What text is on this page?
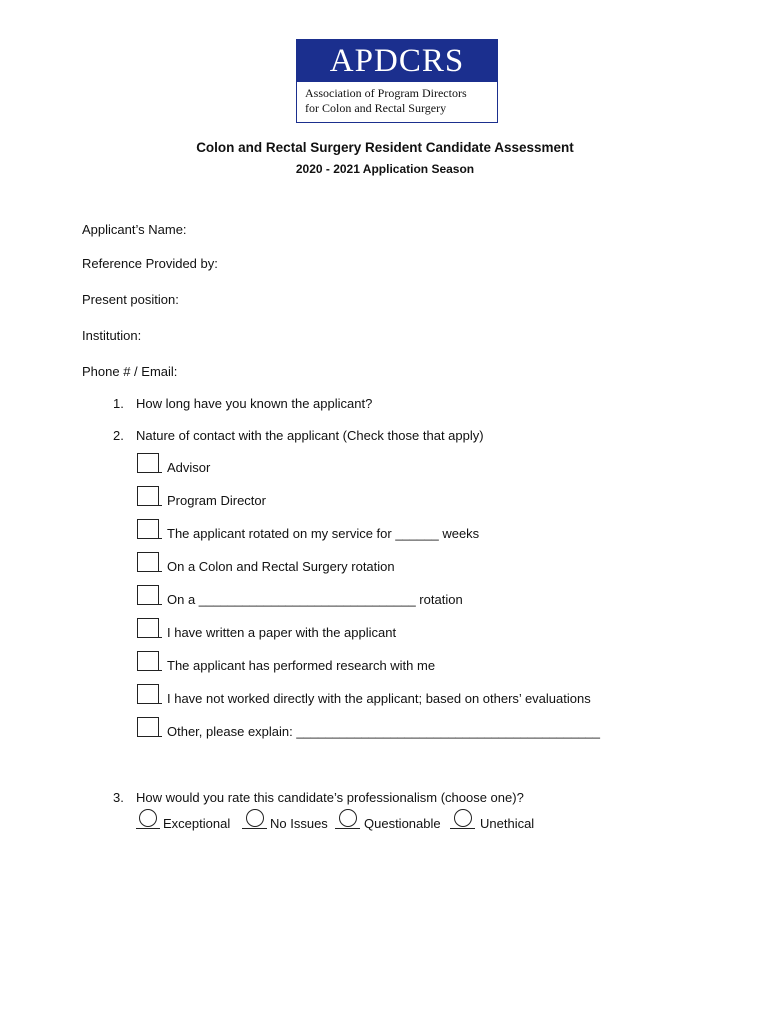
APDCRS
Association of Program Directors
for Colon and Rectal Surgery
Colon and Rectal Surgery Resident Candidate Assessment
2020 - 2021 Application Season
Applicant’s Name:
Reference Provided by:
Present position:
Institution:
Phone # / Email:
1. How long have you known the applicant?
2. Nature of contact with the applicant (Check those that apply)
Advisor
Program Director
The applicant rotated on my service for ______ weeks
On a Colon and Rectal Surgery rotation
On a ______________________________ rotation
I have written a paper with the applicant
The applicant has performed research with me
I have not worked directly with the applicant; based on others’ evaluations
Other, please explain: __________________________________________
3. How would you rate this candidate’s professionalism (choose one)?
Exceptional	No Issues	Questionable	Unethical
